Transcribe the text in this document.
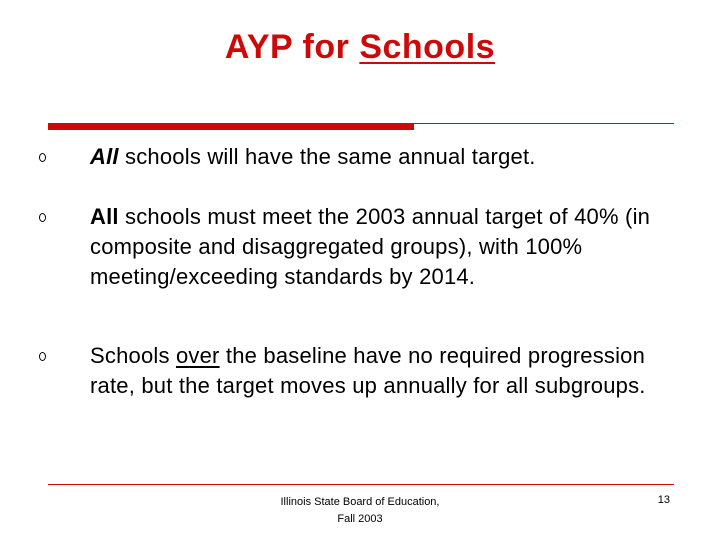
AYP for Schools
All schools will have the same annual target.
All schools must meet the 2003 annual target of 40% (in composite and disaggregated groups), with 100% meeting/exceeding standards by 2014.
Schools over the baseline have no required progression rate, but the target moves up annually for all subgroups.
Illinois State Board of Education,
Fall 2003
13
